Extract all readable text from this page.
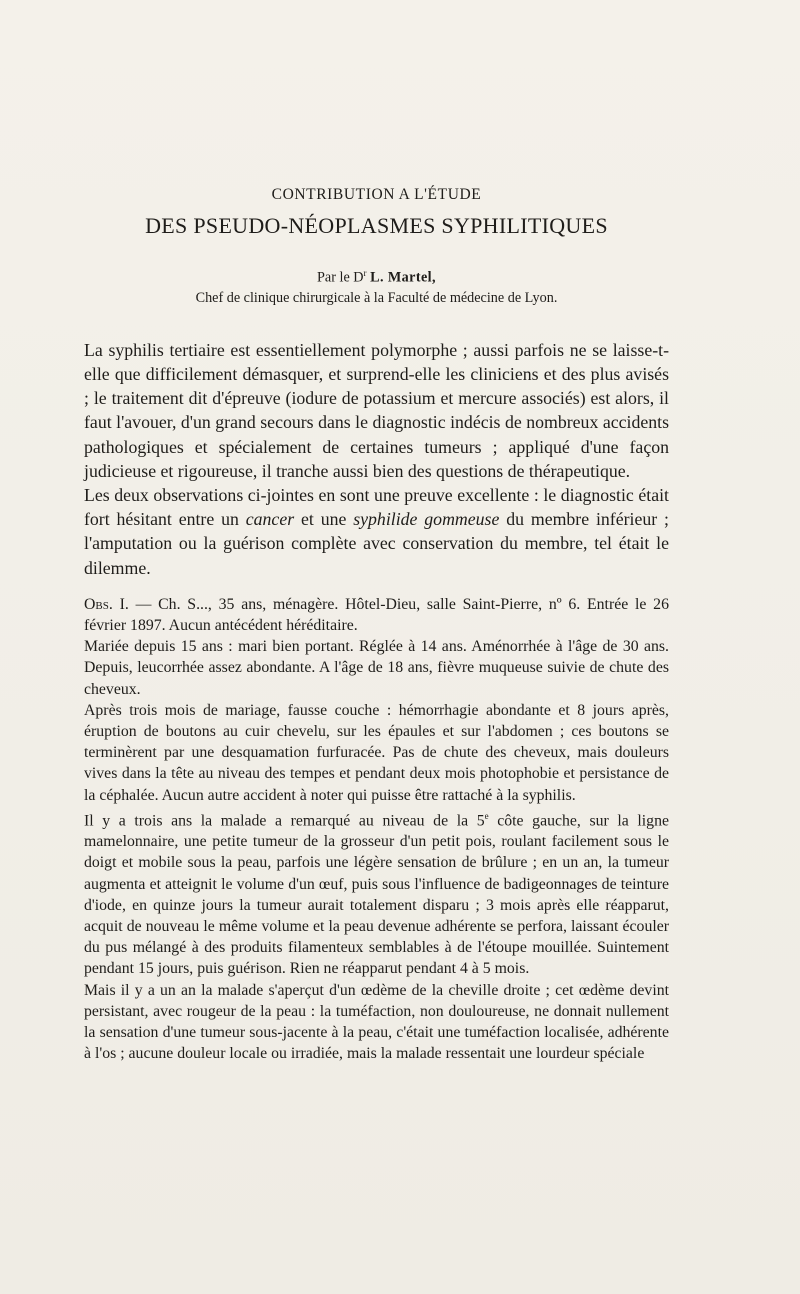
CONTRIBUTION A L'ÉTUDE
DES PSEUDO-NÉOPLASMES SYPHILITIQUES

Par le $D^r$ L. Martel,

Chef de clinique chirurgicale à la Faculté de médecine de Lyon.

La syphilis tertiaire est essentiellement polymorphe ; aussi parfois ne se laisse-t-elle que difficilement démasquer, et surprend-elle les cliniciens et des plus avisés ; le traitement dit d'épreuve (iodure de potassium et mercure associés) est alors, il faut l'avouer, d'un grand secours dans le diagnostic indécis de nombreux accidents pathologiques et spécialement de certaines tumeurs ; appliqué d'une façon judicieuse et rigoureuse, il tranche aussi bien des questions de thérapeutique.

Les deux observations ci-jointes en sont une preuve excellente : le diagnostic était fort hésitant entre un cancer et une syphilide gommeuse du membre inférieur ; l'amputation ou la guérison complète avec conservation du membre, tel était le dilemme.

Obs. I. — Ch. S..., 35 ans, ménagère. Hôtel-Dieu, salle Saint-Pierre, nº 6. Entrée le 26 février 1897. Aucun antécédent héréditaire.

Mariée depuis 15 ans : mari bien portant. Réglée à 14 ans. Aménorrhée à l'âge de 30 ans. Depuis, leucorrhée assez abondante. A l'âge de 18 ans, fièvre muqueuse suivie de chute des cheveux.

Après trois mois de mariage, fausse couche : hémorrhagie abondante et 8 jours après, éruption de boutons au cuir chevelu, sur les épaules et sur l'abdomen ; ces boutons se terminèrent par une desquamation furfuracée. Pas de chute des cheveux, mais douleurs vives dans la tête au niveau des tempes et pendant deux mois photophobie et persistance de la céphalée. Aucun autre accident à noter qui puisse être rattaché à la syphilis.

Il y a trois ans la malade a remarqué au niveau de la 5e côte gauche, sur la ligne mamelonnaire, une petite tumeur de la grosseur d'un petit pois, roulant facilement sous le doigt et mobile sous la peau, parfois une légère sensation de brûlure ; en un an, la tumeur augmenta et atteignit le volume d'un œuf, puis sous l'influence de badigeonnages de teinture d'iode, en quinze jours la tumeur aurait totalement disparu ; 3 mois après elle réapparut, acquit de nouveau le même volume et la peau devenue adhérente se perfora, laissant écouler du pus mélangé à des produits filamenteux semblables à de l'étoupe mouillée. Suintement pendant 15 jours, puis guérison. Rien ne réapparut pendant 4 à 5 mois.

Mais il y a un an la malade s'aperçut d'un œdème de la cheville droite ; cet œdème devint persistant, avec rougeur de la peau : la tuméfaction, non douloureuse, ne donnait nullement la sensation d'une tumeur sous-jacente à la peau, c'était une tuméfaction localisée, adhérente à l'os ; aucune douleur locale ou irradiée, mais la malade ressentait une lourdeur spéciale
